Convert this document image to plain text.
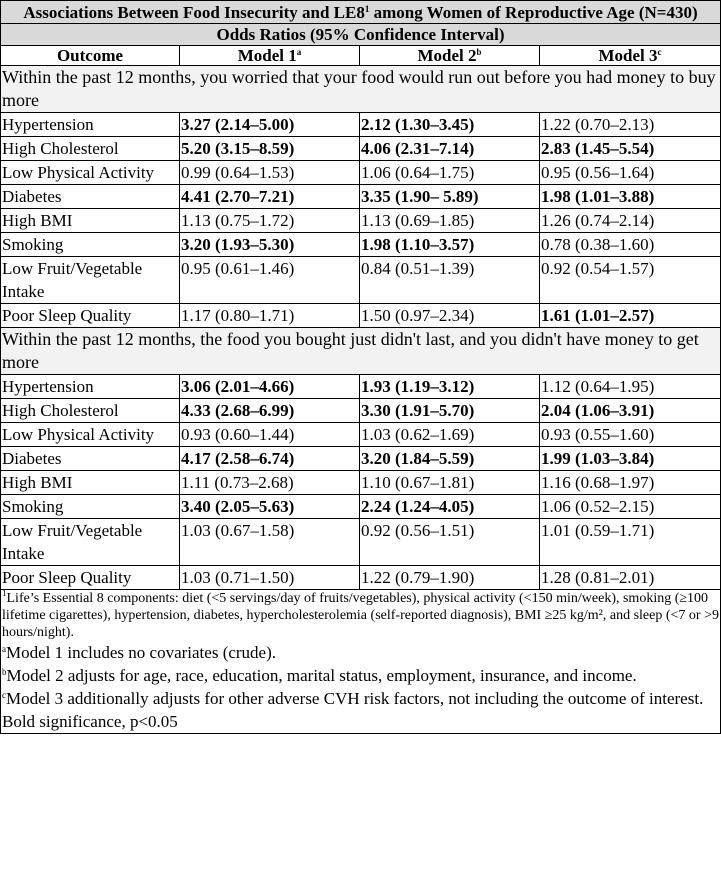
Associations Between Food Insecurity and $LE8^1$ among Women of Reproductive Age (N=430)			
Odds Ratios (95% Confidence Interval)			
Outcome	Model 1$^a$	Model 2$^b$	Model 3$^c$
Within the past 12 months, you worried that your food would run out before you had money to buy more			
Hypertension	3.27 (2.14–5.00)	2.12 (1.30–3.45)	1.22 (0.70–2.13)
High Cholesterol	5.20 (3.15–8.59)	4.06 (2.31–7.14)	2.83 (1.45–5.54)
Low Physical Activity	0.99 (0.64–1.53)	1.06 (0.64–1.75)	0.95 (0.56–1.64)
Diabetes	4.41 (2.70–7.21)	3.35 (1.90– 5.89)	1.98 (1.01–3.88)
High BMI	1.13 (0.75–1.72)	1.13 (0.69–1.85)	1.26 (0.74–2.14)
Smoking	3.20 (1.93–5.30)	1.98 (1.10–3.57)	0.78 (0.38–1.60)
Low Fruit/Vegetable Intake	0.95 (0.61–1.46)	0.84 (0.51–1.39)	0.92 (0.54–1.57)
Poor Sleep Quality	1.17 (0.80–1.71)	1.50 (0.97–2.34)	1.61 (1.01–2.57)
Within the past 12 months, the food you bought just didn't last, and you didn't have money to get more			
Hypertension	3.06 (2.01–4.66)	1.93 (1.19–3.12)	1.12 (0.64–1.95)
High Cholesterol	4.33 (2.68–6.99)	3.30 (1.91–5.70)	2.04 (1.06–3.91)
Low Physical Activity	0.93 (0.60–1.44)	1.03 (0.62–1.69)	0.93 (0.55–1.60)
Diabetes	4.17 (2.58–6.74)	3.20 (1.84–5.59)	1.99 (1.03–3.84)
High BMI	1.11 (0.73–2.68)	1.10 (0.67–1.81)	1.16 (0.68–1.97)
Smoking	3.40 (2.05–5.63)	2.24 (1.24–4.05)	1.06 (0.52–2.15)
Low Fruit/Vegetable Intake	1.03 (0.67–1.58)	0.92 (0.56–1.51)	1.01 (0.59–1.71)
Poor Sleep Quality	1.03 (0.71–1.50)	1.22 (0.79–1.90)	1.28 (0.81–2.01)

$^1$Life’s Essential 8 components: diet (<5 servings/day of fruits/vegetables), physical activity (<150 min/week), smoking (≥100 lifetime cigarettes), hypertension, diabetes, hypercholesterolemia (self-reported diagnosis), BMI ≥25 kg/m², and sleep (<7 or >9 hours/night).
$^a$Model 1 includes no covariates (crude).
$^b$Model 2 adjusts for age, race, education, marital status, employment, insurance, and income.
$^c$Model 3 additionally adjusts for other adverse CVH risk factors, not including the outcome of interest.
Bold significance, p<0.05			
